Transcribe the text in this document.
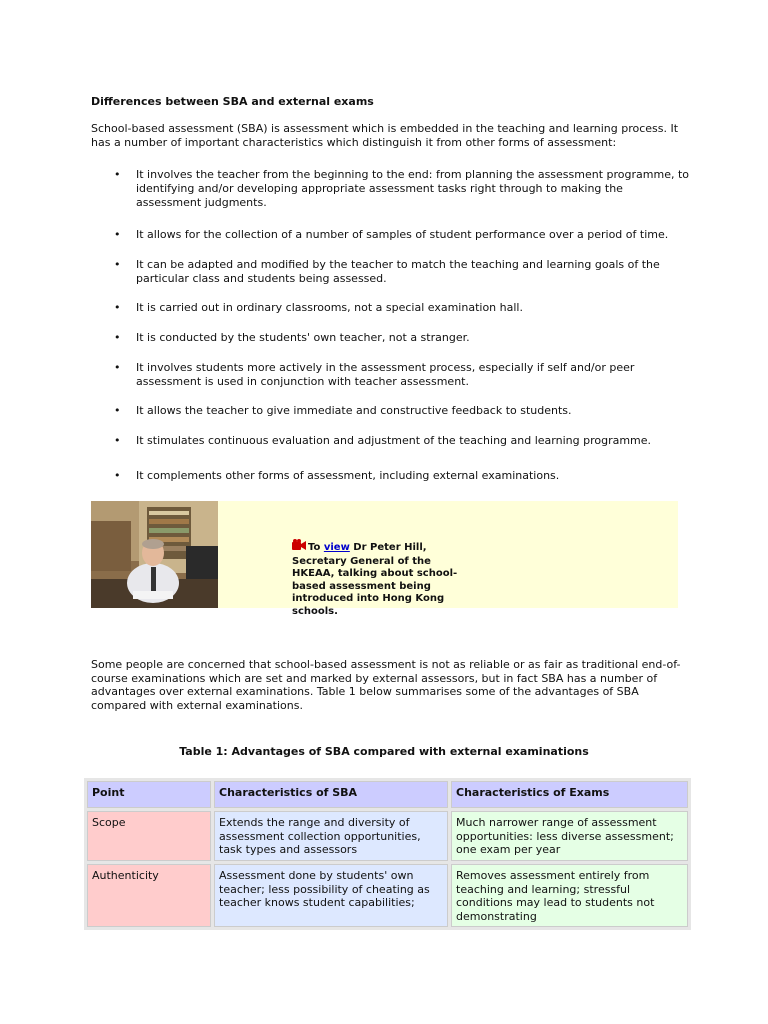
Differences between SBA and external exams
School-based assessment (SBA) is assessment which is embedded in the teaching and learning process. It has a number of important characteristics which distinguish it from other forms of assessment:
• It involves the teacher from the beginning to the end: from planning the assessment programme, to identifying and/or developing appropriate assessment tasks right through to making the assessment judgments.
• It allows for the collection of a number of samples of student performance over a period of time.
• It can be adapted and modified by the teacher to match the teaching and learning goals of the particular class and students being assessed.
• It is carried out in ordinary classrooms, not a special examination hall.
• It is conducted by the students' own teacher, not a stranger.
• It involves students more actively in the assessment process, especially if self and/or peer assessment is used in conjunction with teacher assessment.
• It allows the teacher to give immediate and constructive feedback to students.
• It stimulates continuous evaluation and adjustment of the teaching and learning programme.
• It complements other forms of assessment, including external examinations.
To view Dr Peter Hill, Secretary General of the HKEAA, talking about school-based assessment being introduced into Hong Kong schools.
Some people are concerned that school-based assessment is not as reliable or as fair as traditional end-of-course examinations which are set and marked by external assessors, but in fact SBA has a number of advantages over external examinations. Table 1 below summarises some of the advantages of SBA compared with external examinations.
Table 1: Advantages of SBA compared with external examinations
Point	Characteristics of SBA	Characteristics of Exams
Scope	Extends the range and diversity of assessment collection opportunities, task types and assessors	Much narrower range of assessment opportunities: less diverse assessment; one exam per year
Authenticity	Assessment done by students' own teacher; less possibility of cheating as teacher knows student capabilities;	Removes assessment entirely from teaching and learning; stressful conditions may lead to students not demonstrating
